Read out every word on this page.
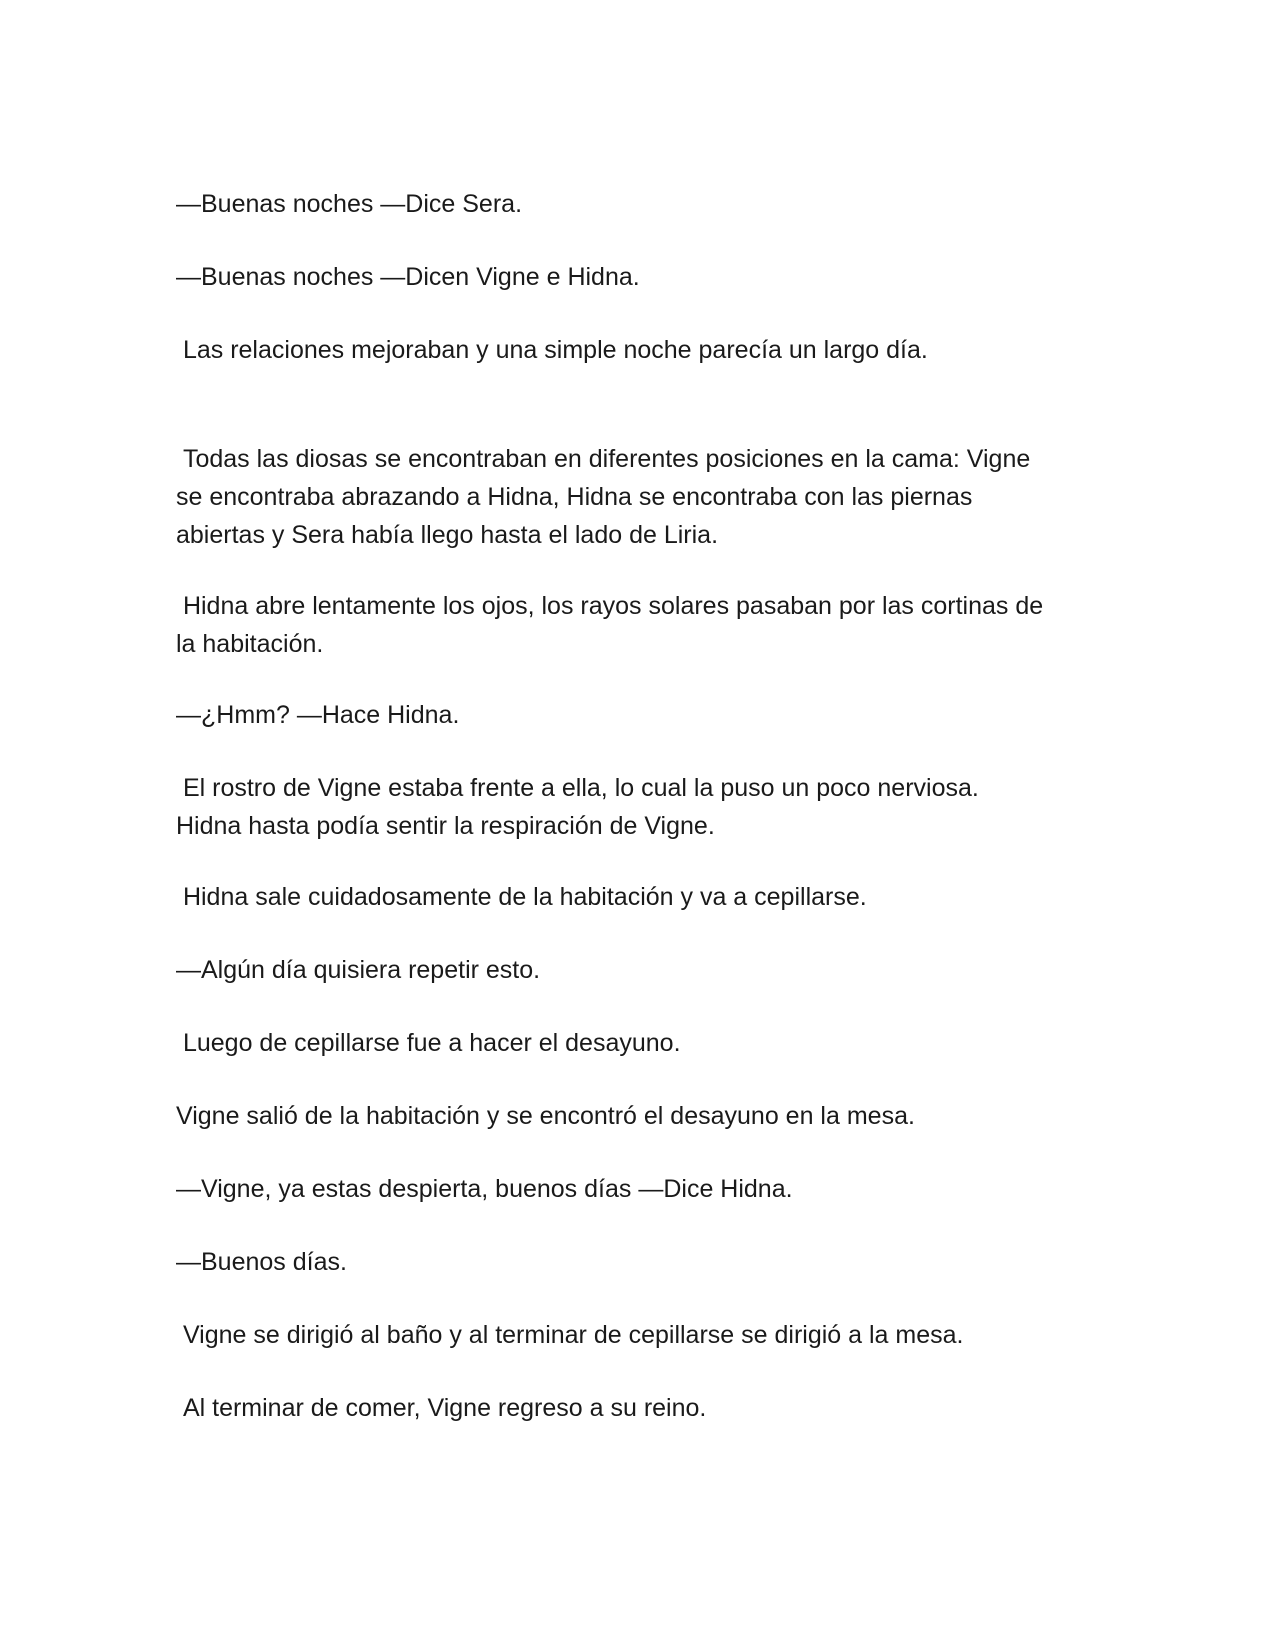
—Buenas noches —Dice Sera.

—Buenas noches —Dicen Vigne e Hidna.

Las relaciones mejoraban y una simple noche parecía un largo día.

Todas las diosas se encontraban en diferentes posiciones en la cama: Vigne
se encontraba abrazando a Hidna, Hidna se encontraba con las piernas
abiertas y Sera había llego hasta el lado de Liria.

Hidna abre lentamente los ojos, los rayos solares pasaban por las cortinas de
la habitación.

—¿Hmm? —Hace Hidna.

El rostro de Vigne estaba frente a ella, lo cual la puso un poco nerviosa.
Hidna hasta podía sentir la respiración de Vigne.

Hidna sale cuidadosamente de la habitación y va a cepillarse.

—Algún día quisiera repetir esto.

Luego de cepillarse fue a hacer el desayuno.

Vigne salió de la habitación y se encontró el desayuno en la mesa.

—Vigne, ya estas despierta, buenos días —Dice Hidna.

—Buenos días.

Vigne se dirigió al baño y al terminar de cepillarse se dirigió a la mesa.

Al terminar de comer, Vigne regreso a su reino.
